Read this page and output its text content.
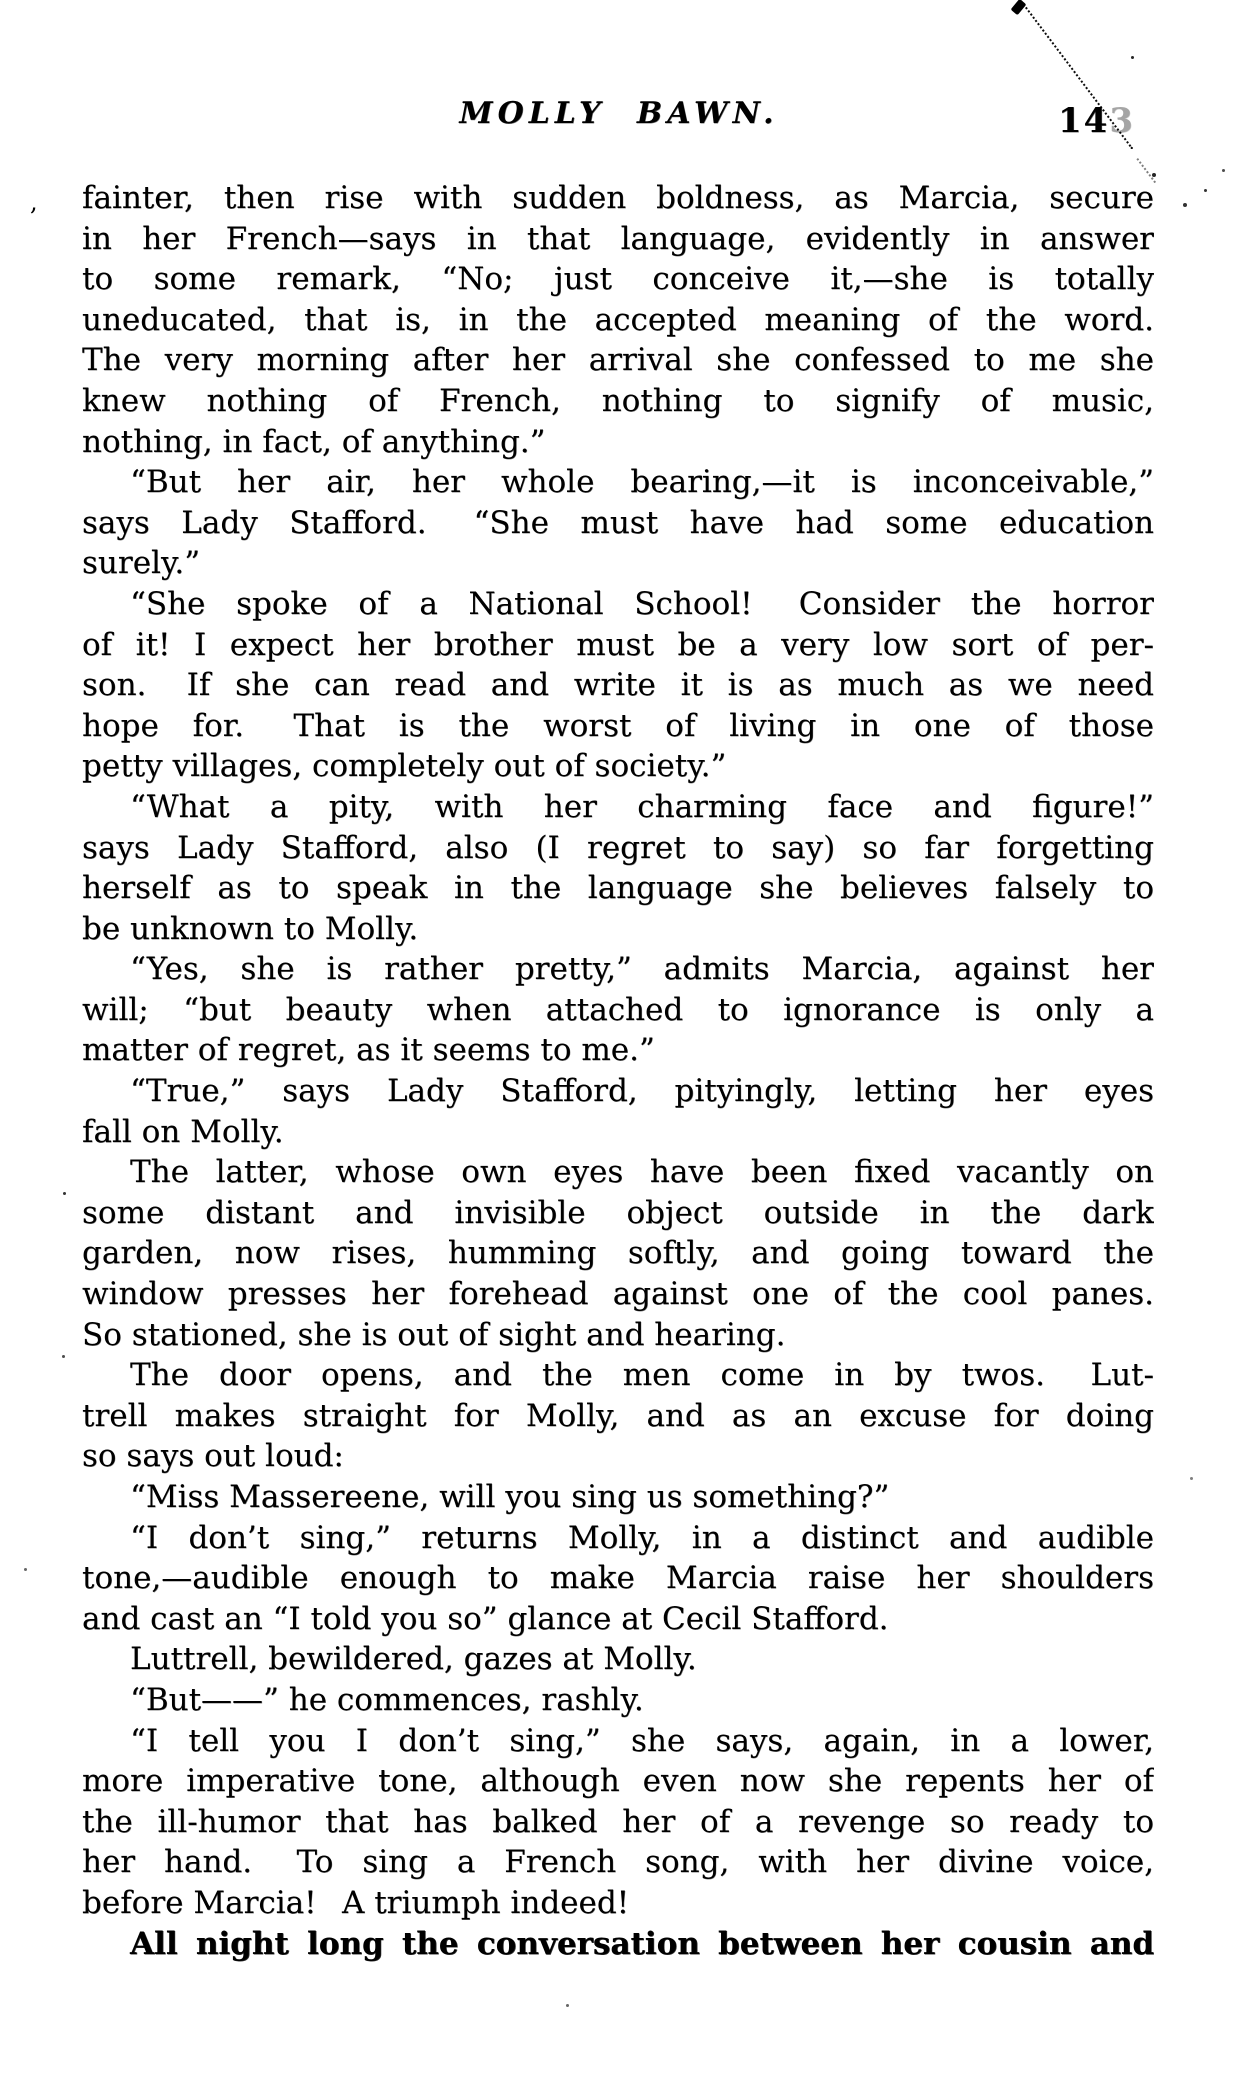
MOLLY BAWN.	143
fainter, then rise with sudden boldness, as Marcia, secure
in her French—says in that language, evidently in answer
to some remark, “No; just conceive it,—she is totally
uneducated, that is, in the accepted meaning of the word.
The very morning after her arrival she confessed to me she
knew nothing of French, nothing to signify of music,
nothing, in fact, of anything.”
“But her air, her whole bearing,—it is inconceivable,”
says Lady Stafford.  “She must have had some education
surely.”
“She spoke of a National School!  Consider the horror
of it! I expect her brother must be a very low sort of per-
son.  If she can read and write it is as much as we need
hope for.  That is the worst of living in one of those
petty villages, completely out of society.”
“What a pity, with her charming face and figure!”
says Lady Stafford, also (I regret to say) so far forgetting
herself as to speak in the language she believes falsely to
be unknown to Molly.
“Yes, she is rather pretty,” admits Marcia, against her
will; “but beauty when attached to ignorance is only a
matter of regret, as it seems to me.”
“True,” says Lady Stafford, pityingly, letting her eyes
fall on Molly.
The latter, whose own eyes have been fixed vacantly on
some distant and invisible object outside in the dark
garden, now rises, humming softly, and going toward the
window presses her forehead against one of the cool panes.
So stationed, she is out of sight and hearing.
The door opens, and the men come in by twos.  Lut-
trell makes straight for Molly, and as an excuse for doing
so says out loud:
“Miss Massereene, will you sing us something?”
“I don’t sing,” returns Molly, in a distinct and audible
tone,—audible enough to make Marcia raise her shoulders
and cast an “I told you so” glance at Cecil Stafford.
Luttrell, bewildered, gazes at Molly.
“But——” he commences, rashly.
“I tell you I don’t sing,” she says, again, in a lower,
more imperative tone, although even now she repents her of
the ill-humor that has balked her of a revenge so ready to
her hand.  To sing a French song, with her divine voice,
before Marcia!  A triumph indeed!
All night long the conversation between her cousin and
,
